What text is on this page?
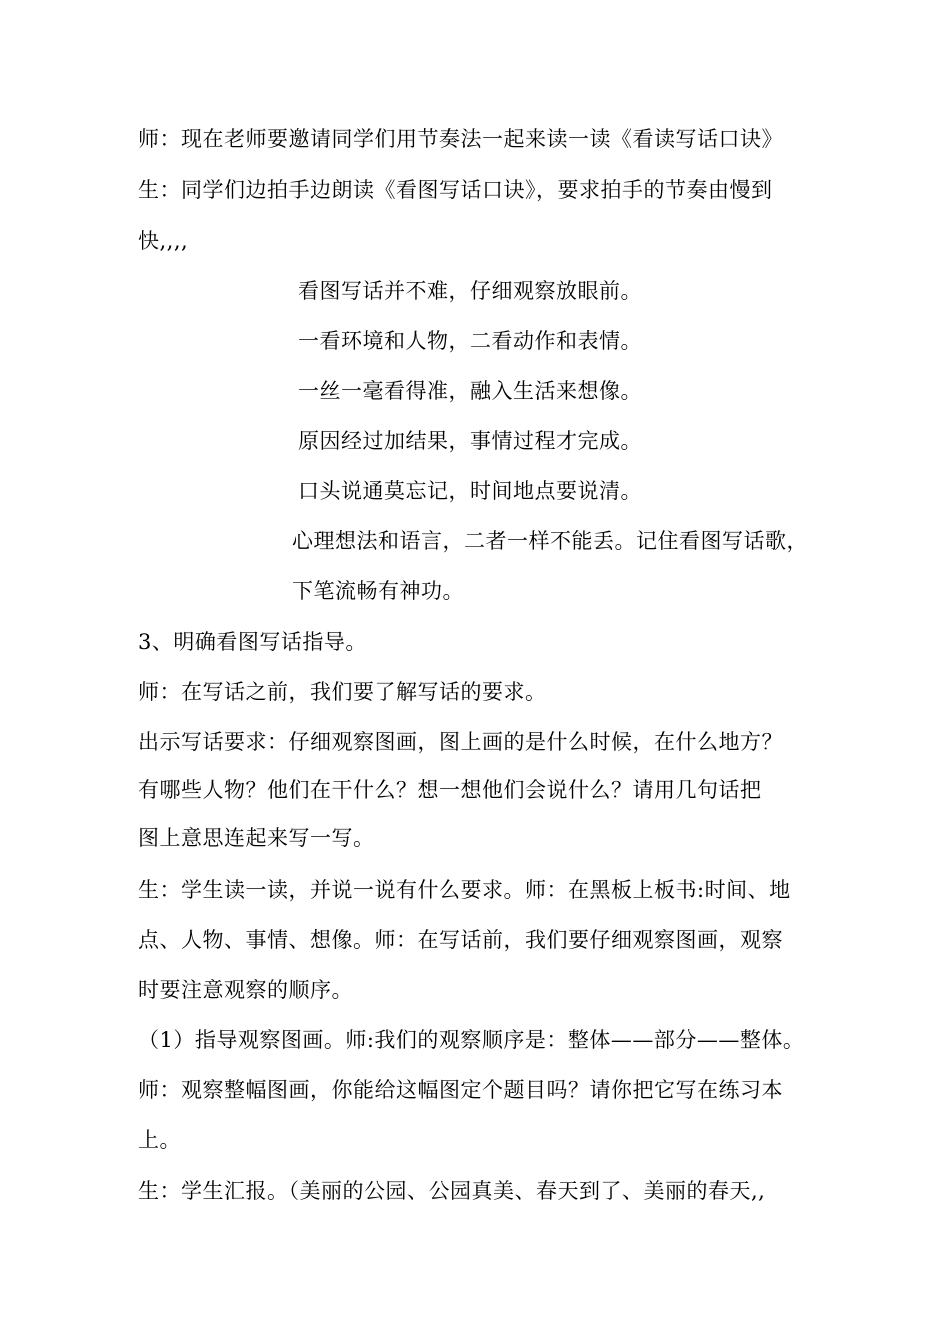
师：现在老师要邀请同学们用节奏法一起来读一读《看读写话口诀》
生：同学们边拍手边朗读《看图写话口诀》，要求拍手的节奏由慢到
快,,,,
看图写话并不难，仔细观察放眼前。
一看环境和人物，二看动作和表情。
一丝一毫看得准，融入生活来想像。
原因经过加结果，事情过程才完成。
口头说通莫忘记，时间地点要说清。
心理想法和语言，二者一样不能丢。记住看图写话歌，
下笔流畅有神功。
3、明确看图写话指导。
师：在写话之前，我们要了解写话的要求。
出示写话要求：仔细观察图画，图上画的是什么时候，在什么地方？
有哪些人物？他们在干什么？想一想他们会说什么？请用几句话把
图上意思连起来写一写。
生：学生读一读，并说一说有什么要求。师：在黑板上板书:时间、地
点、人物、事情、想像。师：在写话前，我们要仔细观察图画，观察
时要注意观察的顺序。
（1）指导观察图画。师:我们的观察顺序是：整体——部分——整体。
师：观察整幅图画，你能给这幅图定个题目吗？请你把它写在练习本
上。
生：学生汇报。（美丽的公园、公园真美、春天到了、美丽的春天,,
